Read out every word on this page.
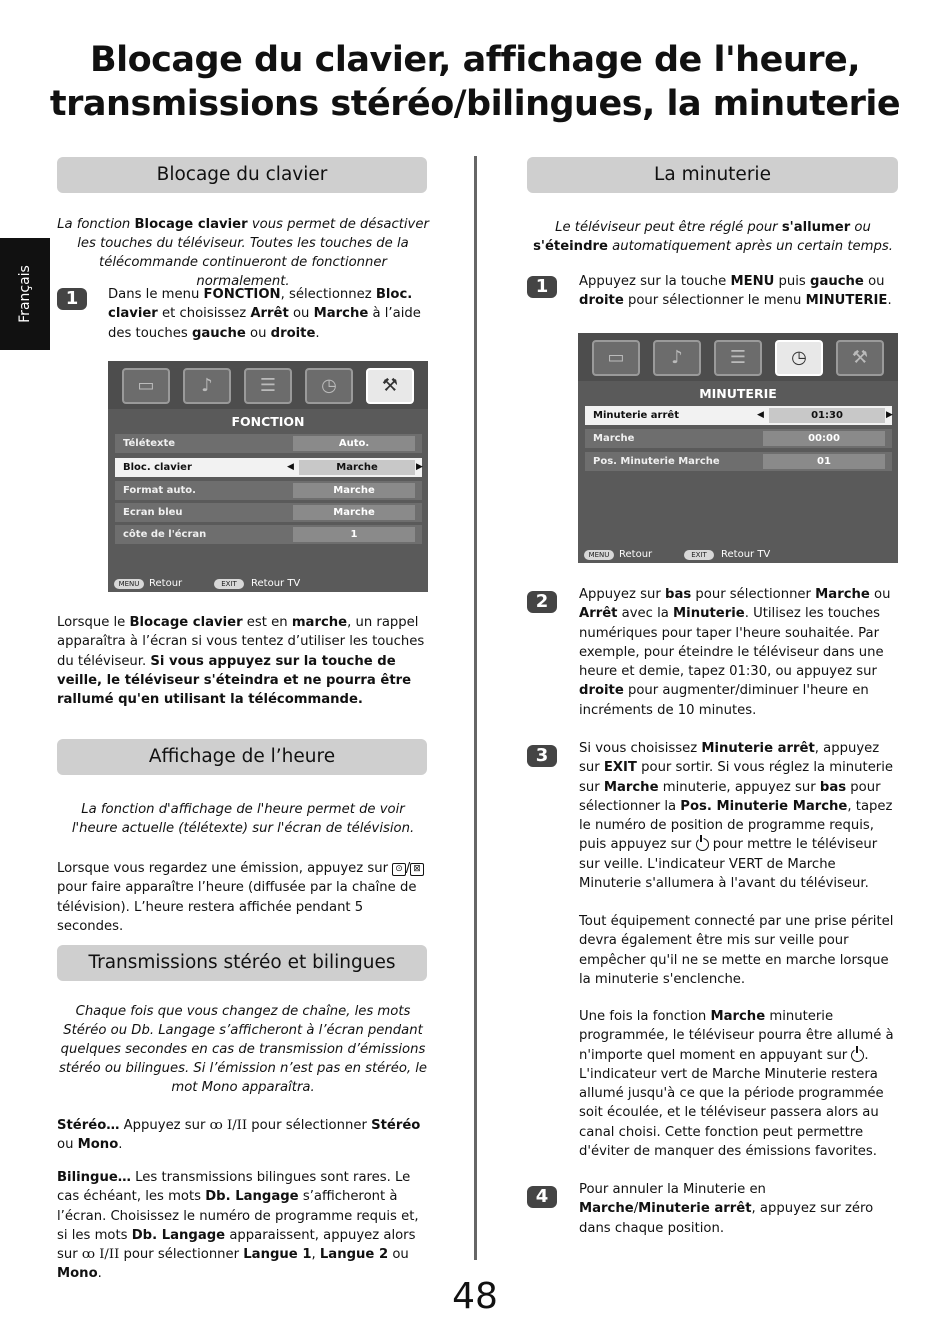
Blocage du clavier, affichage de l'heure,
transmissions stéréo/bilingues, la minuterie
Français
Blocage du clavier
La fonction Blocage clavier vous permet de désactiver les touches du téléviseur. Toutes les touches de la télécommande continueront de fonctionner normalement.
1	Dans le menu FONCTION, sélectionnez Bloc. clavier et choisissez Arrêt ou Marche à l’aide des touches gauche ou droite.
▭	♪	☰	◷	⚒
FONCTION
Télétexte	Auto.
Bloc. clavier	◀	Marche	▶
Format auto.	Marche
Ecran bleu	Marche
côte de l'écran	1
MENU Retour	EXIT	Retour TV
Lorsque le Blocage clavier est en marche, un rappel apparaîtra à l’écran si vous tentez d’utiliser les touches du téléviseur. Si vous appuyez sur la touche de veille, le téléviseur s'éteindra et ne pourra être rallumé qu'en utilisant la télécommande.
Affichage de l’heure
La fonction d'affichage de l'heure permet de voir l'heure actuelle (télétexte) sur l'écran de télévision.
Lorsque vous regardez une émission, appuyez sur ⊙ / ⊠ pour faire apparaître l’heure (diffusée par la chaîne de télévision). L’heure restera affichée pendant 5 secondes.
Transmissions stéréo et bilingues
Chaque fois que vous changez de chaîne, les mots Stéréo ou Db. Langage s’afficheront à l’écran pendant quelques secondes en cas de transmission d’émissions stéréo ou bilingues. Si l’émission n’est pas en stéréo, le mot Mono apparaîtra.
Stéréo… Appuyez sur ꝏ I/II pour sélectionner Stéréo ou Mono.
Bilingue… Les transmissions bilingues sont rares. Le cas échéant, les mots Db. Langage s’afficheront à l’écran. Choisissez le numéro de programme requis et, si les mots Db. Langage apparaissent, appuyez alors sur ꝏ I/II pour sélectionner Langue 1, Langue 2 ou Mono.
La minuterie
Le téléviseur peut être réglé pour s'allumer ou s'éteindre automatiquement après un certain temps.
1	Appuyez sur la touche MENU puis gauche ou droite pour sélectionner le menu MINUTERIE.
▭	♪	☰	◷	⚒
MINUTERIE
Minuterie arrêt	◀	01:30	▶
Marche	00:00
Pos. Minuterie Marche	01
MENU Retour	EXIT	Retour TV
2	Appuyez sur bas pour sélectionner Marche ou Arrêt avec la Minuterie. Utilisez les touches numériques pour taper l'heure souhaitée. Par exemple, pour éteindre le téléviseur dans une heure et demie, tapez 01:30, ou appuyez sur droite pour augmenter/diminuer l'heure en incréments de 10 minutes.
3	Si vous choisissez Minuterie arrêt, appuyez sur EXIT pour sortir. Si vous réglez la minuterie sur Marche minuterie, appuyez sur bas pour sélectionner la Pos. Minuterie Marche, tapez le numéro de position de programme requis, puis appuyez sur  pour mettre le téléviseur sur veille. L'indicateur VERT de Marche Minuterie s'allumera à l'avant du téléviseur.
Tout équipement connecté par une prise péritel devra également être mis sur veille pour empêcher qu'il ne se mette en marche lorsque la minuterie s'enclenche.
Une fois la fonction Marche minuterie programmée, le téléviseur pourra être allumé à n'importe quel moment en appuyant sur . L'indicateur vert de Marche Minuterie restera allumé jusqu'à ce que la période programmée soit écoulée, et le téléviseur passera alors au canal choisi. Cette fonction peut permettre d'éviter de manquer des émissions favorites.
4	Pour annuler la Minuterie en Marche/Minuterie arrêt, appuyez sur zéro dans chaque position.
48
